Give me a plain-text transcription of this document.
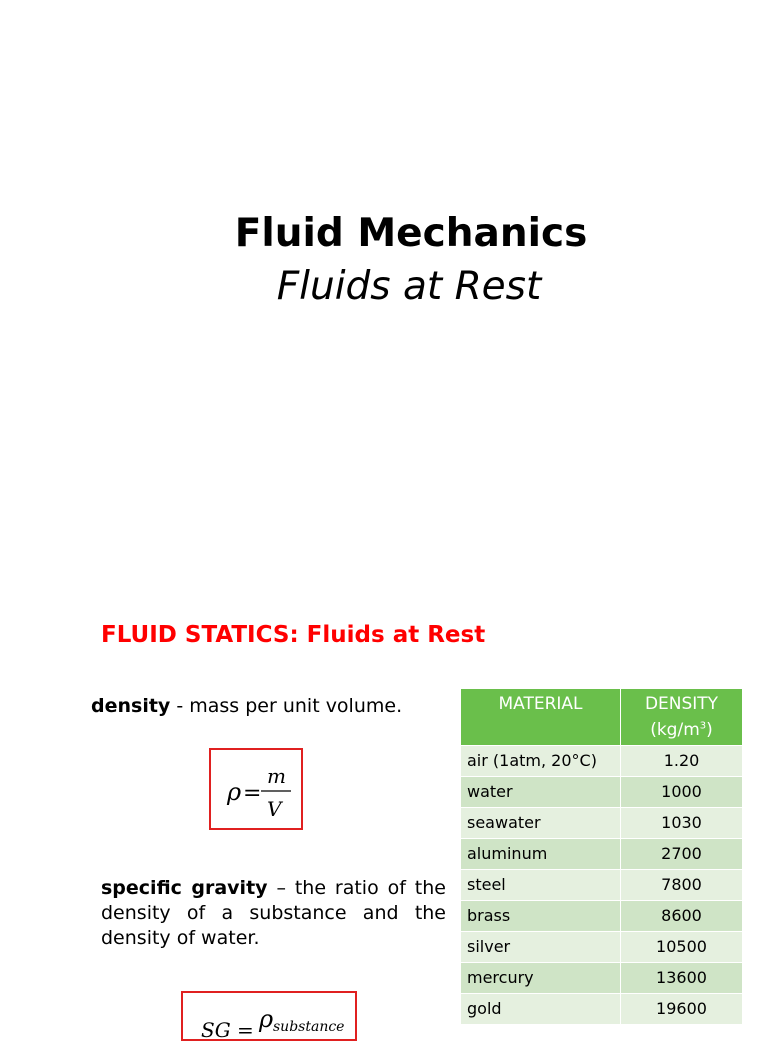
Fluid Mechanics
Fluids at Rest
FLUID STATICS: Fluids at Rest
density - mass per unit volume.
ρ =
m
V
specific gravity – the ratio of the density of a substance and the density of water.
SG = ρ substance
MATERIAL	DENSITY
$(kg/m^3)$
air (1atm, 20°C)	1.20
water	1000
seawater	1030
aluminum	2700
steel	7800
brass	8600
silver	10500
mercury	13600
gold	19600
